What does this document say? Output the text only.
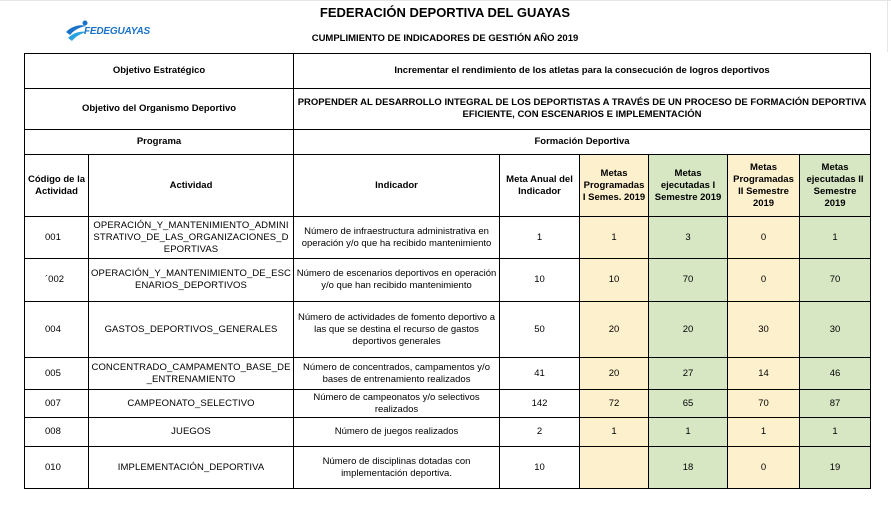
FEDEGUAYAS
FEDERACIÓN DEPORTIVA DEL GUAYAS
CUMPLIMIENTO DE INDICADORES DE GESTIÓN AÑO 2019
Objetivo Estratégico		Incrementar el rendimiento de los atletas para la consecución de logros deportivos					
Objetivo del Organismo Deportivo		PROPENDER AL DESARROLLO INTEGRAL DE LOS DEPORTISTAS A TRAVÉS DE UN PROCESO DE FORMACIÓN DEPORTIVA EFICIENTE, CON ESCENARIOS E IMPLEMENTACIÓN					
Programa		Formación Deportiva					
Código de la Actividad	Actividad	Indicador	Meta Anual del Indicador	Metas Programadas I Semes. 2019	Metas ejecutadas I Semestre 2019	Metas Programadas II Semestre 2019	Metas ejecutadas II Semestre 2019
001	OPERACIÓN_Y_MANTENIMIENTO_ADMINISTRATIVO_DE_LAS_ORGANIZACIONES_DEPORTIVAS	Número de infraestructura administrativa en operación y/o que ha recibido mantenimiento	1	1	3	0	1
´002	OPERACIÓN_Y_MANTENIMIENTO_DE_ESCENARIOS_DEPORTIVOS	Número de escenarios deportivos en operación y/o que han recibido mantenimiento	10	10	70	0	70
004	GASTOS_DEPORTIVOS_GENERALES	Número de actividades de fomento deportivo a las que se destina el recurso de gastos deportivos generales	50	20	20	30	30
005	CONCENTRADO_CAMPAMENTO_BASE_DE_ENTRENAMIENTO	Número de concentrados, campamentos y/o bases de entrenamiento realizados	41	20	27	14	46
007	CAMPEONATO_SELECTIVO	Número de campeonatos y/o selectivos realizados	142	72	65	70	87
008	JUEGOS	Número de juegos realizados	2	1	1	1	1
010	IMPLEMENTACIÓN_DEPORTIVA	Número de disciplinas dotadas con implementación deportiva.	10		18	0	19
